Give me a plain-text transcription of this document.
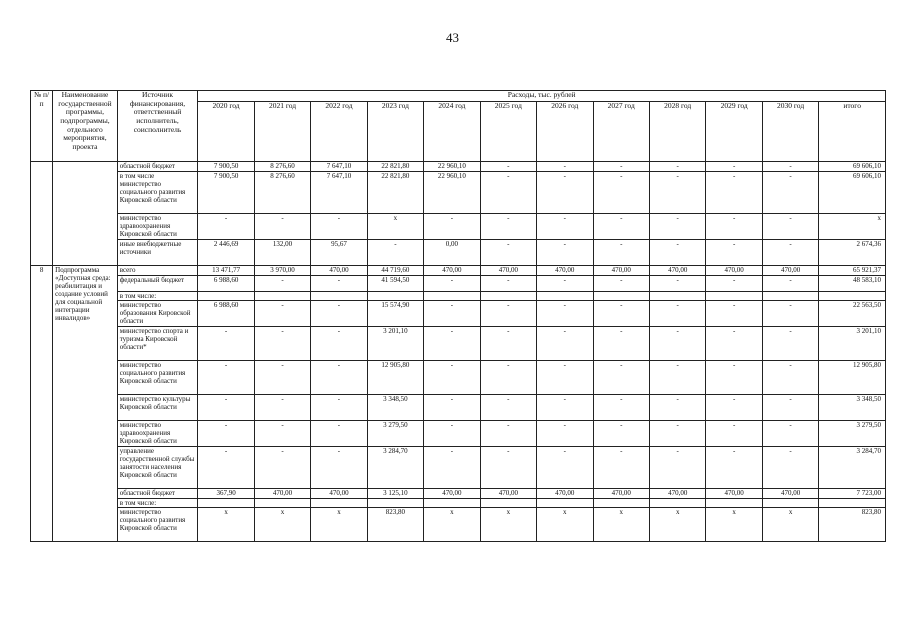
43
№ п/п	Наименование государственной программы, подпрограммы, отдельного мероприятия, проекта	Источник финансирования, ответственный исполнитель, соисполнитель	Расходы, тыс. рублей											
			2020 год	2021 год	2022 год	2023 год	2024 год	2025 год	2026 год	2027 год	2028 год	2029 год	2030 год	итого
		областной бюджет	7 900,50	8 276,60	7 647,10	22 821,80	22 960,10	-	-	-	-	-	-	69 606,10
		в том числе министерство социального развития Кировской области	7 900,50	8 276,60	7 647,10	22 821,80	22 960,10	-	-	-	-	-	-	69 606,10
		министерство здравоохранения Кировской области	-	-	-	х	-	-	-	-	-	-	-	х
		иные внебюджетные источники	2 446,69	132,00	95,67	-	0,00	-	-	-	-	-	-	2 674,36
8	Подпрограмма «Доступная среда: реабилитация и создание условий для социальной интеграции инвалидов»	всего	13 471,77	3 970,00	470,00	44 719,60	470,00	470,00	470,00	470,00	470,00	470,00	470,00	65 921,37
		федеральный бюджет	6 988,60	-	-	41 594,50	-	-	-	-	-	-	-	48 583,10
		в том числе:												
		министерство образования Кировской области	6 988,60	-	-	15 574,90	-	-	-	-	-	-	-	22 563,50
		министерство спорта и туризма Кировской области*	-	-	-	3 201,10	-	-	-	-	-	-	-	3 201,10
		министерство социального развития Кировской области	-	-	-	12 905,80	-	-	-	-	-	-	-	12 905,80
		министерство культуры Кировской области	-	-	-	3 348,50	-	-	-	-	-	-	-	3 348,50
		министерство здравоохранения Кировской области	-	-	-	3 279,50	-	-	-	-	-	-	-	3 279,50
		управление государственной службы занятости населения Кировской области	-	-	-	3 284,70	-	-	-	-	-	-	-	3 284,70
		областной бюджет	367,90	470,00	470,00	3 125,10	470,00	470,00	470,00	470,00	470,00	470,00	470,00	7 723,00
		в том числе:												
		министерство социального развития Кировской области	х	х	х	823,80	х	х	х	х	х	х	х	823,80
